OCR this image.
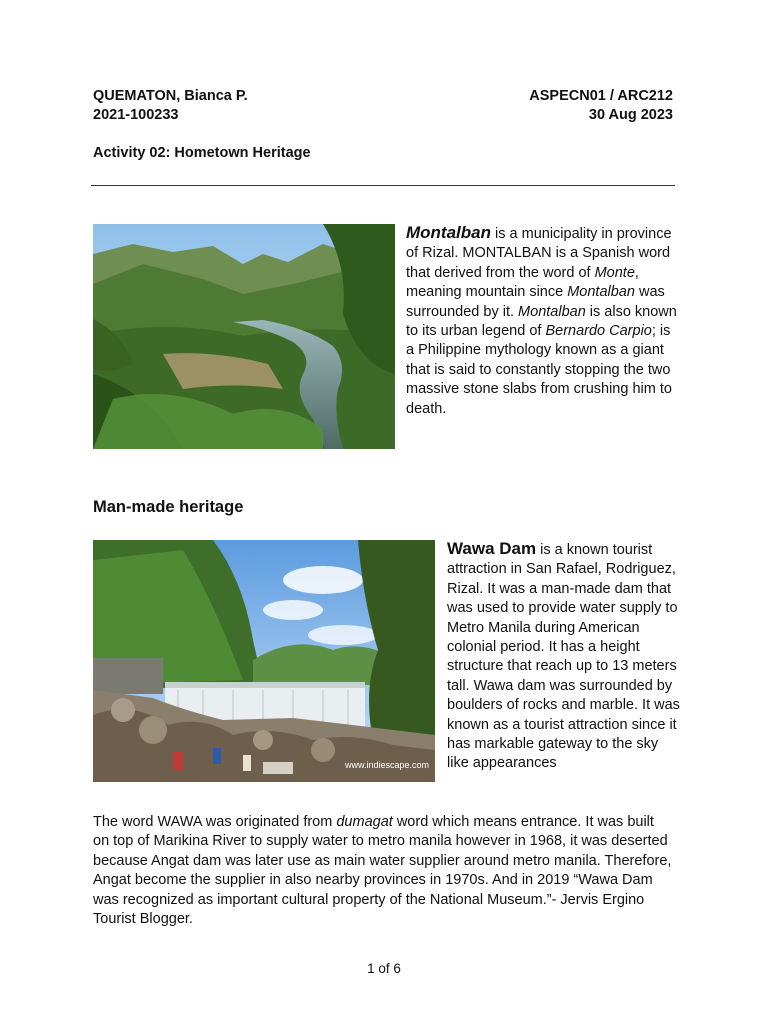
QUEMATON, Bianca P.
2021-100233
ASPECN01 / ARC212
30 Aug 2023
Activity 02: Hometown Heritage
Montalban is a municipality in province of Rizal. MONTALBAN is a Spanish word that derived from the word of Monte, meaning mountain since Montalban was surrounded by it. Montalban is also known to its urban legend of Bernardo Carpio; is a Philippine mythology known as a giant that is said to constantly stopping the two massive stone slabs from crushing him to death.
Man-made heritage
www.indiescape.com
Wawa Dam is a known tourist attraction in San Rafael, Rodriguez, Rizal. It was a man-made dam that was used to provide water supply to Metro Manila during American colonial period. It has a height structure that reach up to 13 meters tall. Wawa dam was surrounded by boulders of rocks and marble. It was known as a tourist attraction since it has markable gateway to the sky like appearances
The word WAWA was originated from dumagat word which means entrance. It was built on top of Marikina River to supply water to metro manila however in 1968, it was deserted because Angat dam was later use as main water supplier around metro manila. Therefore, Angat become the supplier in also nearby provinces in 1970s. And in 2019 “Wawa Dam was recognized as important cultural property of the National Museum.”- Jervis Ergino Tourist Blogger.
1 of 6
